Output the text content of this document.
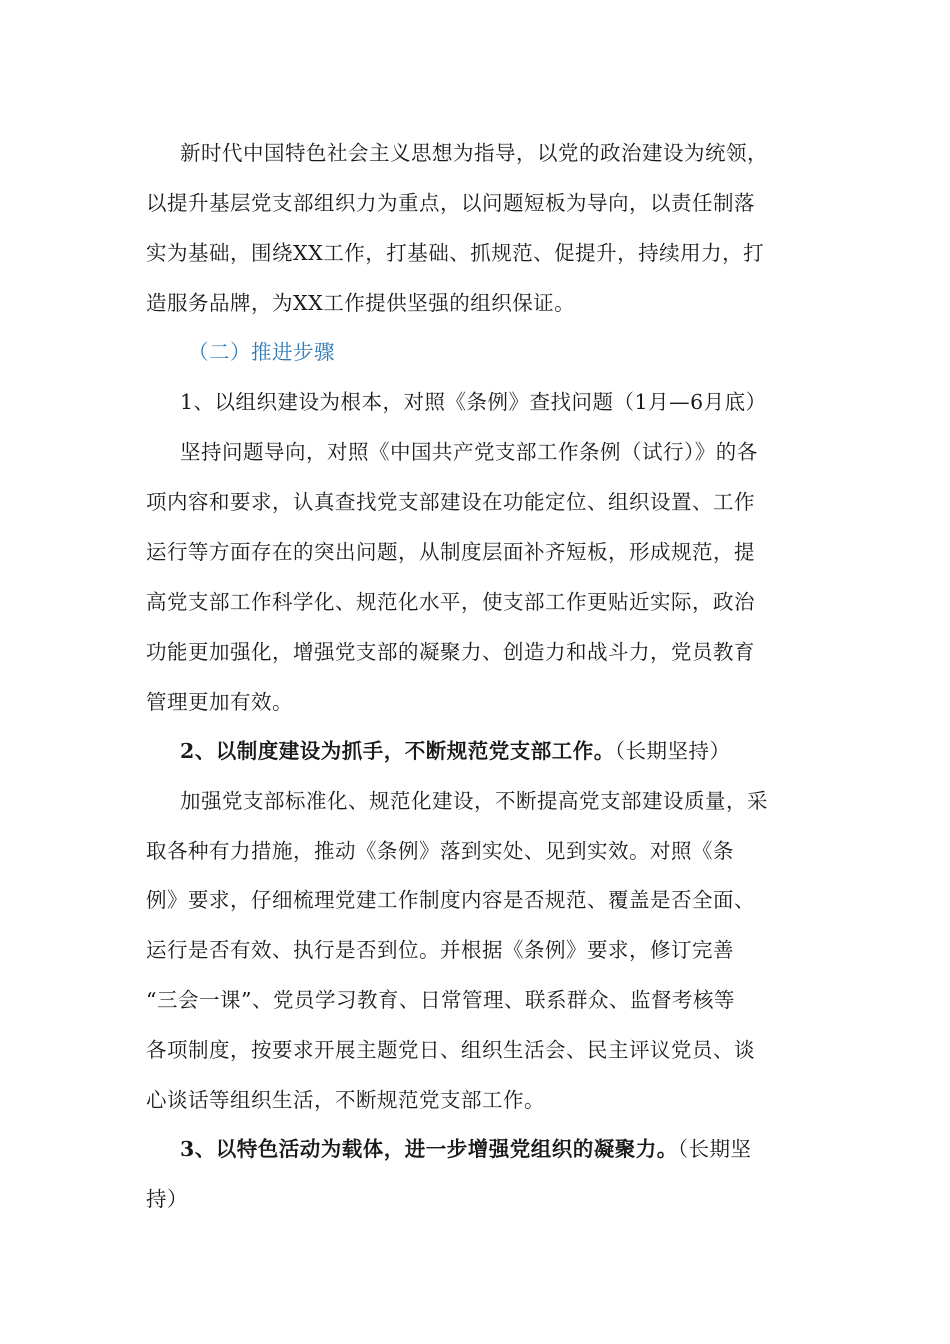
新时代中国特色社会主义思想为指导，以党的政治建设为统领，
以提升基层党支部组织力为重点，以问题短板为导向，以责任制落
实为基础，围绕XX工作，打基础、抓规范、促提升，持续用力，打
造服务品牌，为XX工作提供坚强的组织保证。
（二）推进步骤
1、以组织建设为根本，对照《条例》查找问题（1月—6月底）
坚持问题导向，对照《中国共产党支部工作条例（试行）》的各
项内容和要求，认真查找党支部建设在功能定位、组织设置、工作
运行等方面存在的突出问题，从制度层面补齐短板，形成规范，提
高党支部工作科学化、规范化水平，使支部工作更贴近实际，政治
功能更加强化，增强党支部的凝聚力、创造力和战斗力，党员教育
管理更加有效。
2、以制度建设为抓手，不断规范党支部工作。（长期坚持）
加强党支部标准化、规范化建设，不断提高党支部建设质量，采
取各种有力措施，推动《条例》落到实处、见到实效。对照《条
例》要求，仔细梳理党建工作制度内容是否规范、覆盖是否全面、
运行是否有效、执行是否到位。并根据《条例》要求，修订完善
“三会一课”、党员学习教育、日常管理、联系群众、监督考核等
各项制度，按要求开展主题党日、组织生活会、民主评议党员、谈
心谈话等组织生活，不断规范党支部工作。
3、以特色活动为载体，进一步增强党组织的凝聚力。（长期坚
持）
